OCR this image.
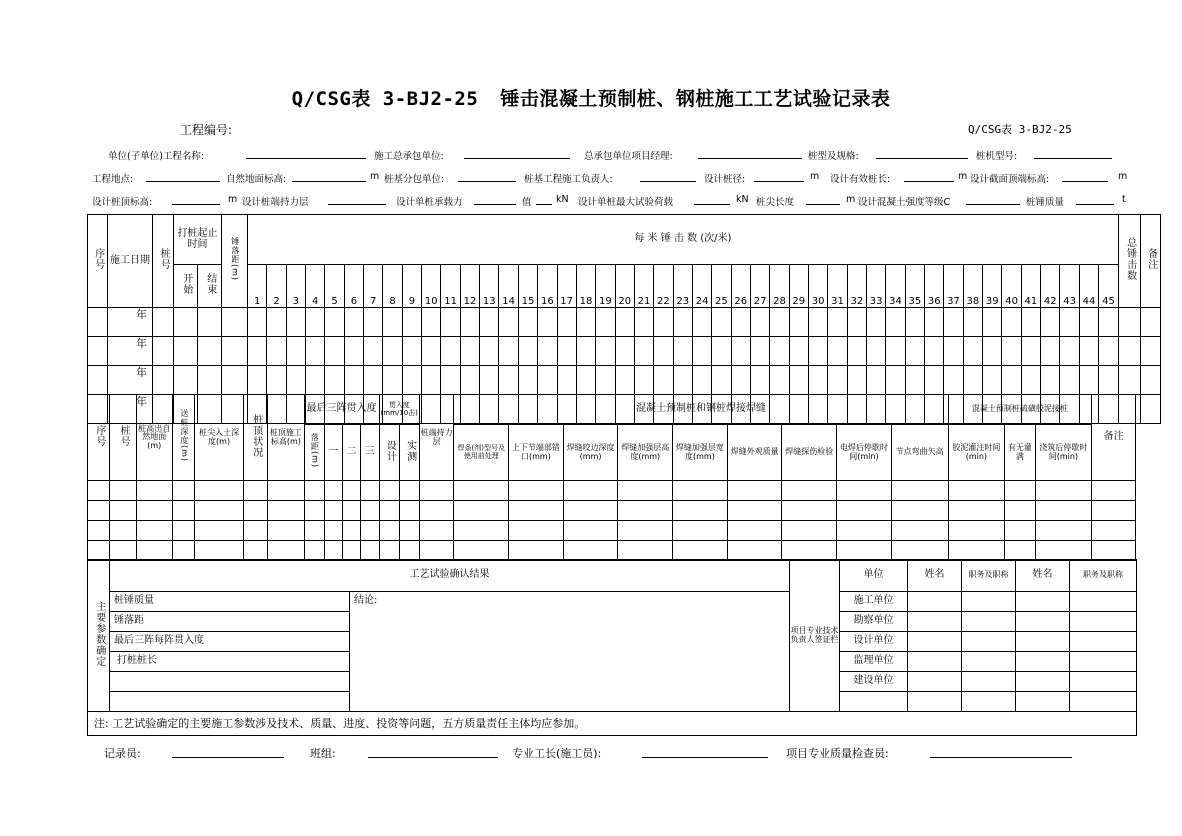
Q/CSG表 3-BJ2-25 锤击混凝土预制桩、钢桩施工工艺试验记录表
工程编号:	Q/CSG表 3-BJ2-25
单位(子单位)工程名称:	施工总承包单位:	总承包单位项目经理:	桩型及规格:	桩机型号:
工程地点:	自然地面标高:	m 桩基分包单位:	桩基工程施工负责人:	设计桩径:	m 设计有效桩长:	m 设计截面顶端标高:	m
设计桩顶标高:	m 设计桩端持力层	设计单桩承载力	值	kN 设计单桩最大试验荷载	kN 桩尖长度	m 设计混凝土强度等级C	桩锤质量	t
序号	施工日期	桩号	打桩起止时间		锤落距(m)	每 米 锤 击 数 (次/米)																																													总锤击数	备注
			开始	结束		1	2	3	4	5	6	7	8	9	10	11	12	13	14	15	16	17	18	19	20	21	22	23	24	25	26	27	28	29	30	31	32	33	34	35	36	37	38	39	40	41	42	43	44	45		

	年																																																			

	年																																																			

	年																																																			

	年																																																			

序号	桩号	桩高出自然地面(m)	送桩深度(m)	桩尖入土深度(m)	桩顶状况	桩顶施工标高(m)	最后三阵贯入度				贯入度(mm/10击)		桩端持力层	混凝土预制桩和钢桩焊接焊缝									混凝土预制桩硫磺胶泥接桩			备注
							落距(m)	一	二	三	设计	实测		焊条(剂)型号及使用前处理	上下节端部错口(mm)	焊缝咬边深度(mm)	焊缝加强层高度(mm)	焊缝加强层宽度(mm)	焊缝外观质量	焊缝探伤检验	电焊后停歇时间(min)	节点弯曲矢高	胶泥灌注时间(min)	有无灌满	浇筑后停歇时间(min)	

主要参数确定	工艺试验确认结果		项目专业技术负责人签证栏	单位	姓名	职务及职称	姓名	职务及职称
	桩锤质量	结论:		施工单位				
	锤落距			勘察单位				
	最后三阵每阵贯入度			设计单位				
	打桩桩长			监理单位				
				建设单位				

注: 工艺试验确定的主要施工参数涉及技术、质量、进度、投资等问题，五方质量责任主体均应参加。								
记录员:	班组:	专业工长(施工员):	项目专业质量检查员:
